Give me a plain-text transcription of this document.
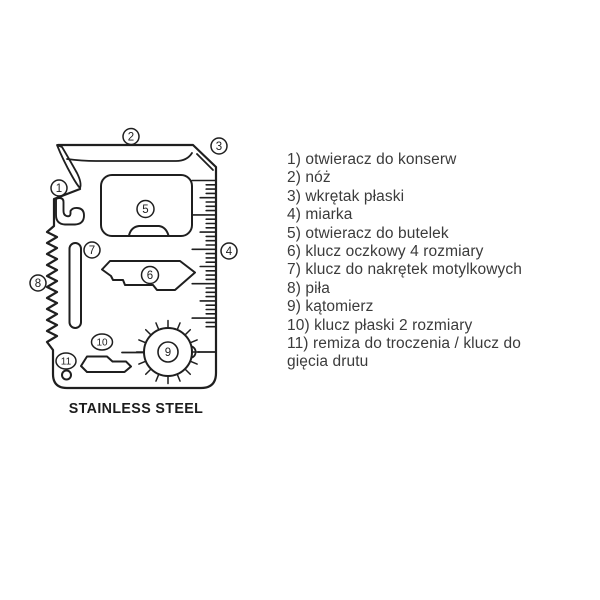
1
2
3
4
5
6
7
8
9
10
11
STAINLESS STEEL
1) otwieracz do konserw
2) nóż
3) wkrętak płaski
4) miarka
5) otwieracz do butelek
6) klucz oczkowy 4 rozmiary
7) klucz do nakrętek motylkowych
8) piła
9) kątomierz
10) klucz płaski 2 rozmiary
11) remiza do troczenia / klucz do gięcia drutu
